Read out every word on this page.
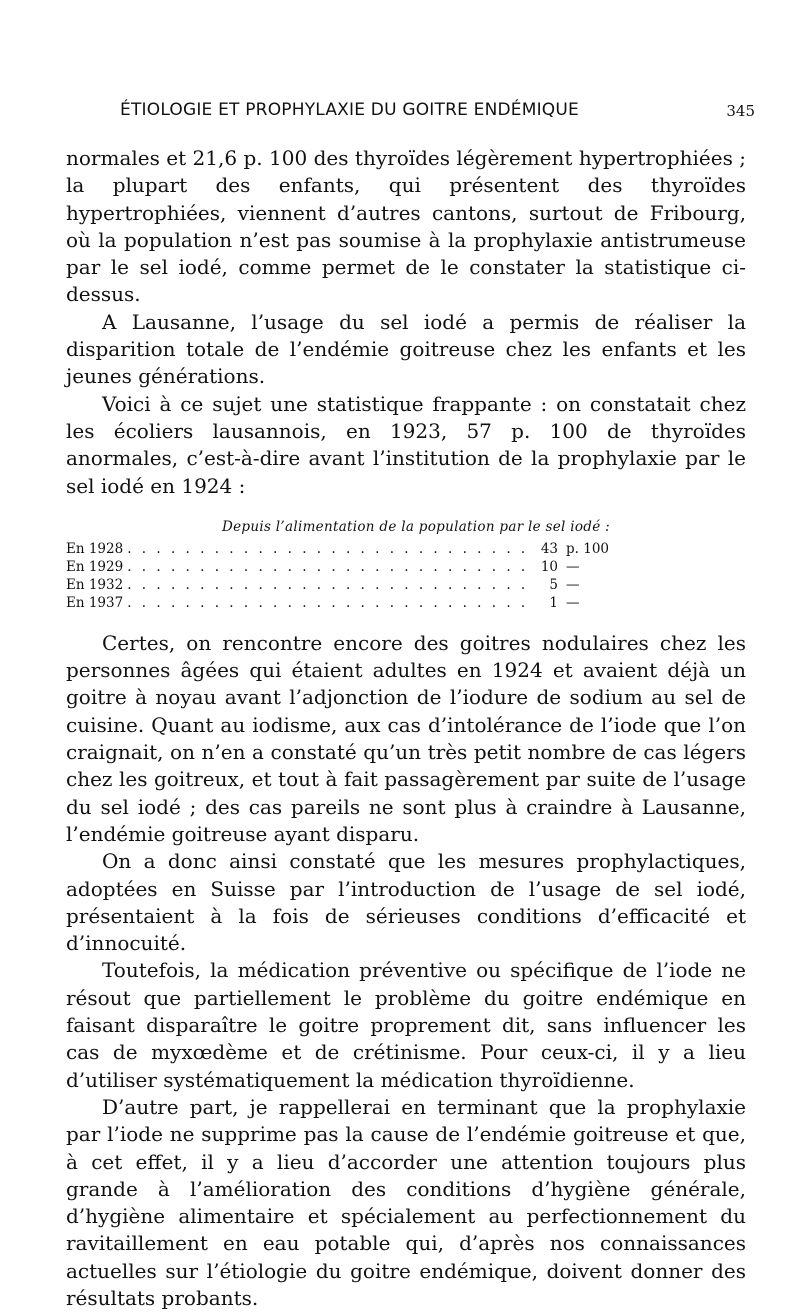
ÉTIOLOGIE ET PROPHYLAXIE DU GOITRE ENDÉMIQUE	345

normales et 21,6 p. 100 des thyroïdes légèrement hypertrophiées ; la plupart des enfants, qui présentent des thyroïdes hypertrophiées, viennent d’autres cantons, surtout de Fribourg, où la population n’est pas soumise à la prophylaxie antistrumeuse par le sel iodé, comme permet de le constater la statistique ci-dessus.

A Lausanne, l’usage du sel iodé a permis de réaliser la disparition totale de l’endémie goitreuse chez les enfants et les jeunes générations.

Voici à ce sujet une statistique frappante : on constatait chez les écoliers lausannois, en 1923, 57 p. 100 de thyroïdes anormales, c’est-à-dire avant l’institution de la prophylaxie par le sel iodé en 1924 :

Depuis l’alimentation de la population par le sel iodé :
En 1928 . . .	43 p. 100
En 1929 . . .	10 —
En 1932 . . .	5 —
En 1937 . . .	1 —

Certes, on rencontre encore des goitres nodulaires chez les personnes âgées qui étaient adultes en 1924 et avaient déjà un goitre à noyau avant l’adjonction de l’iodure de sodium au sel de cuisine. Quant au iodisme, aux cas d’intolérance de l’iode que l’on craignait, on n’en a constaté qu’un très petit nombre de cas légers chez les goitreux, et tout à fait passagèrement par suite de l’usage du sel iodé ; des cas pareils ne sont plus à craindre à Lausanne, l’endémie goitreuse ayant disparu.

On a donc ainsi constaté que les mesures prophylactiques, adoptées en Suisse par l’introduction de l’usage de sel iodé, présentaient à la fois de sérieuses conditions d’efficacité et d’innocuité.

Toutefois, la médication préventive ou spécifique de l’iode ne résout que partiellement le problème du goitre endémique en faisant disparaître le goitre proprement dit, sans influencer les cas de myxœdème et de crétinisme. Pour ceux-ci, il y a lieu d’utiliser systématiquement la médication thyroïdienne.

D’autre part, je rappellerai en terminant que la prophylaxie par l’iode ne supprime pas la cause de l’endémie goitreuse et que, à cet effet, il y a lieu d’accorder une attention toujours plus grande à l’amélioration des conditions d’hygiène générale, d’hygiène alimentaire et spécialement au perfectionnement du ravitaillement en eau potable qui, d’après nos connaissances actuelles sur l’étiologie du goitre endémique, doivent donner des résultats probants.
